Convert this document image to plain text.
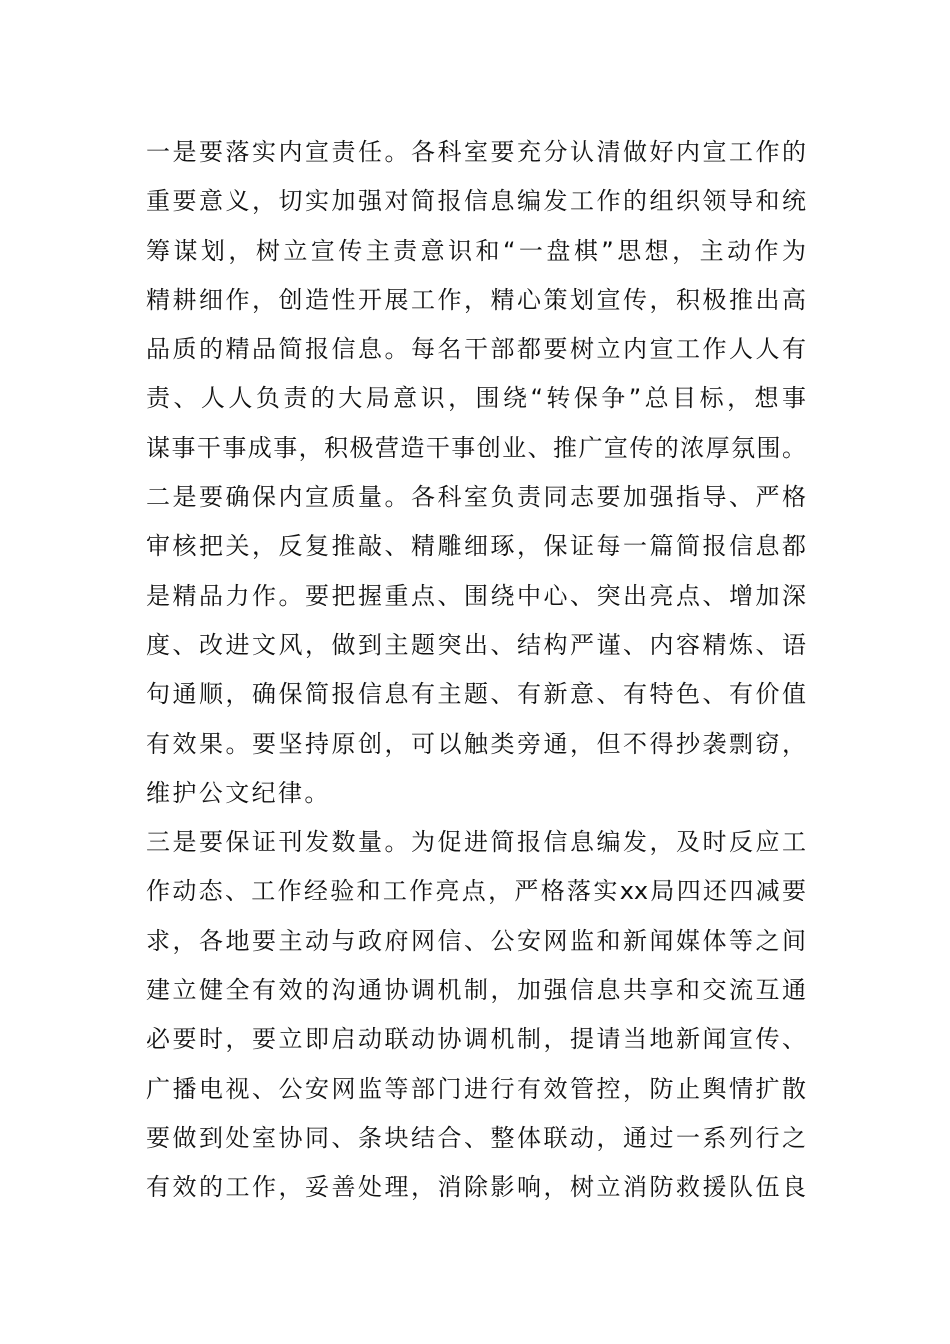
一是要落实内宣责任。各科室要充分认清做好内宣工作的
重要意义，切实加强对简报信息编发工作的组织领导和统
筹谋划，树立宣传主责意识和“一盘棋”思想，主动作为
精耕细作，创造性开展工作，精心策划宣传，积极推出高
品质的精品简报信息。每名干部都要树立内宣工作人人有
责、人人负责的大局意识，围绕“转保争”总目标，想事
谋事干事成事，积极营造干事创业、推广宣传的浓厚氛围。
二是要确保内宣质量。各科室负责同志要加强指导、严格
审核把关，反复推敲、精雕细琢，保证每一篇简报信息都
是精品力作。要把握重点、围绕中心、突出亮点、增加深
度、改进文风，做到主题突出、结构严谨、内容精炼、语
句通顺，确保简报信息有主题、有新意、有特色、有价值
有效果。要坚持原创，可以触类旁通，但不得抄袭剽窃，
维护公文纪律。
三是要保证刊发数量。为促进简报信息编发，及时反应工
作动态、工作经验和工作亮点，严格落实xx局四还四减要
求，各地要主动与政府网信、公安网监和新闻媒体等之间
建立健全有效的沟通协调机制，加强信息共享和交流互通
必要时，要立即启动联动协调机制，提请当地新闻宣传、
广播电视、公安网监等部门进行有效管控，防止舆情扩散
要做到处室协同、条块结合、整体联动，通过一系列行之
有效的工作，妥善处理，消除影响，树立消防救援队伍良
